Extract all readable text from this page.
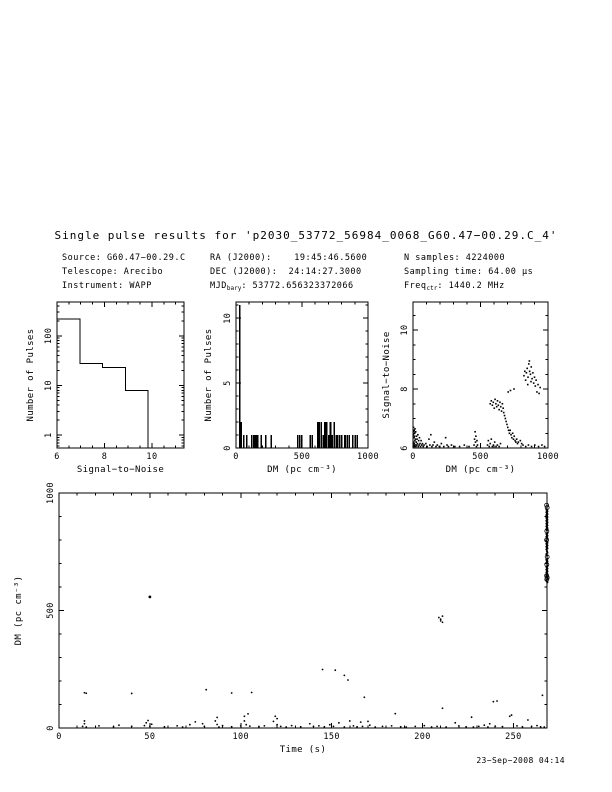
Single pulse results for 'p2030_53772_56984_0068_G60.47−00.29.C_4'
Source: G60.47−00.29.C
Telescope: Arecibo
Instrument: WAPP
RA (J2000):    19:45:46.5600
DEC (J2000):  24:14:27.3000
$MJD_{bary}$: 53772.656323372066
N samples: 4224000
Sampling time: 64.00 μs
Freq$_{ctr}$: 1440.2 MHz
6	8	10
1
10
100
Signal−to−Noise
Number of Pulses
0	500	1000
0
5
10
DM (pc cm⁻³)
Number of Pulses
0	500	1000
6
8
10
DM (pc cm⁻³)
Signal−to−Noise
0	50	100	150	200	250
0
500
1000
Time (s)
DM (pc cm⁻³)
23−Sep−2008 04:14
